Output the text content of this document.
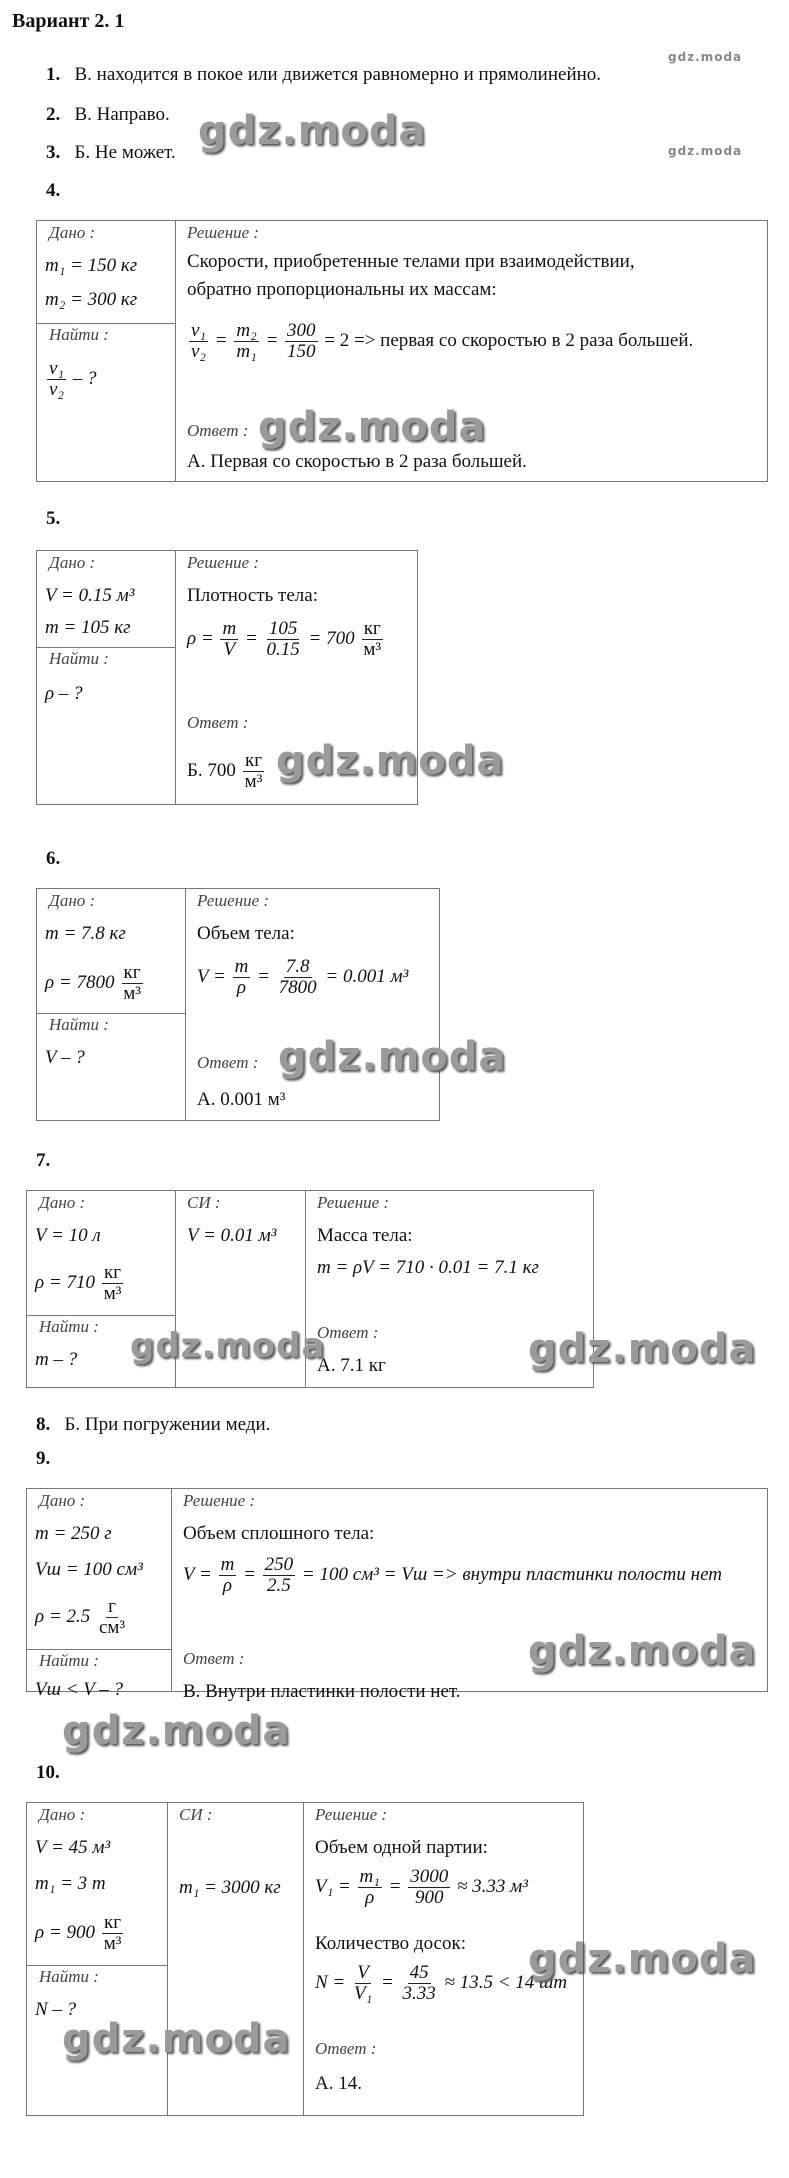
Вариант 2. 1
gdz.moda
gdz.moda
1. В. находится в покое или движется равномерно и прямолинейно.
2. В. Направо.
3. Б. Не может. gdz.moda
4.
Дано :
m₁ = 150 кг
m₂ = 300 кг
Найти :
$\frac{\text{v₁}}{\text{v₂}}$ – ?
Решение :
Скорости, приобретенные телами при взаимодействии,
обратно пропорциональны их массам:
$\frac{\text{v₁}}{\text{v₂}} = \frac{\text{m₂}}{\text{m₁}} = \frac{300}{150} = 2$ => первая со скоростью в 2 раза большей.
Ответ :
А. Первая со скоростью в 2 раза большей.
gdz.moda
5.
Дано :
V = 0.15 м³
m = 105 кг
Найти :
ρ – ?
Решение :
Плотность тела:
$\rho = \frac{m}{V} = \frac{105}{0.15} = 700 \frac{кг}{\text{м³}}$
Ответ :
Б. $700 \frac{кг}{\text{м³}}$ gdz.moda
6.
Дано :
m = 7.8 кг
$\rho = 7800 \frac{кг}{\text{м³}}$
Найти :
V – ?
Решение :
Объем тела:
$V = \frac{m}{\rho} = \frac{7.8}{7800} = 0.001$ м³
Ответ :
А. 0.001 м³
gdz.moda
7.
Дано :
V = 10 л
$\rho = 710 \frac{кг}{\text{м³}}$
Найти :
m – ?
СИ :
V = 0.01 м³
Решение :
Масса тела:
m = ρV = 710 · 0.01 = 7.1 кг
Ответ :
А. 7.1 кг
gdz.moda	gdz.moda
8. Б. При погружении меди.
9.
Дано :
m = 250 г
Vш = 100 см³
$\rho = 2.5 \frac{г}{\text{см³}}$
Найти :
Vш < V – ?
Решение :
Объем сплошного тела:
$V = \frac{m}{\rho} = \frac{250}{2.5} = 100$ см³ = Vш => внутри пластинки полости нет
Ответ :
В. Внутри пластинки полости нет.
gdz.moda
gdz.moda
10.
Дано :
V = 45 м³
m₁ = 3 т
$\rho = 900 \frac{кг}{\text{м³}}$
Найти :
N – ?
СИ :
m₁ = 3000 кг
Решение :
Объем одной партии:
$V_1 = \frac{\text{m₁}}{\rho} = \frac{3000}{900} \approx 3.33$ м³
Количество досок:
$N = \frac{V}{\text{V₁}} = \frac{45}{3.33} \approx 13.5 < 14$ шт
Ответ :
А. 14.
gdz.moda
gdz.moda
